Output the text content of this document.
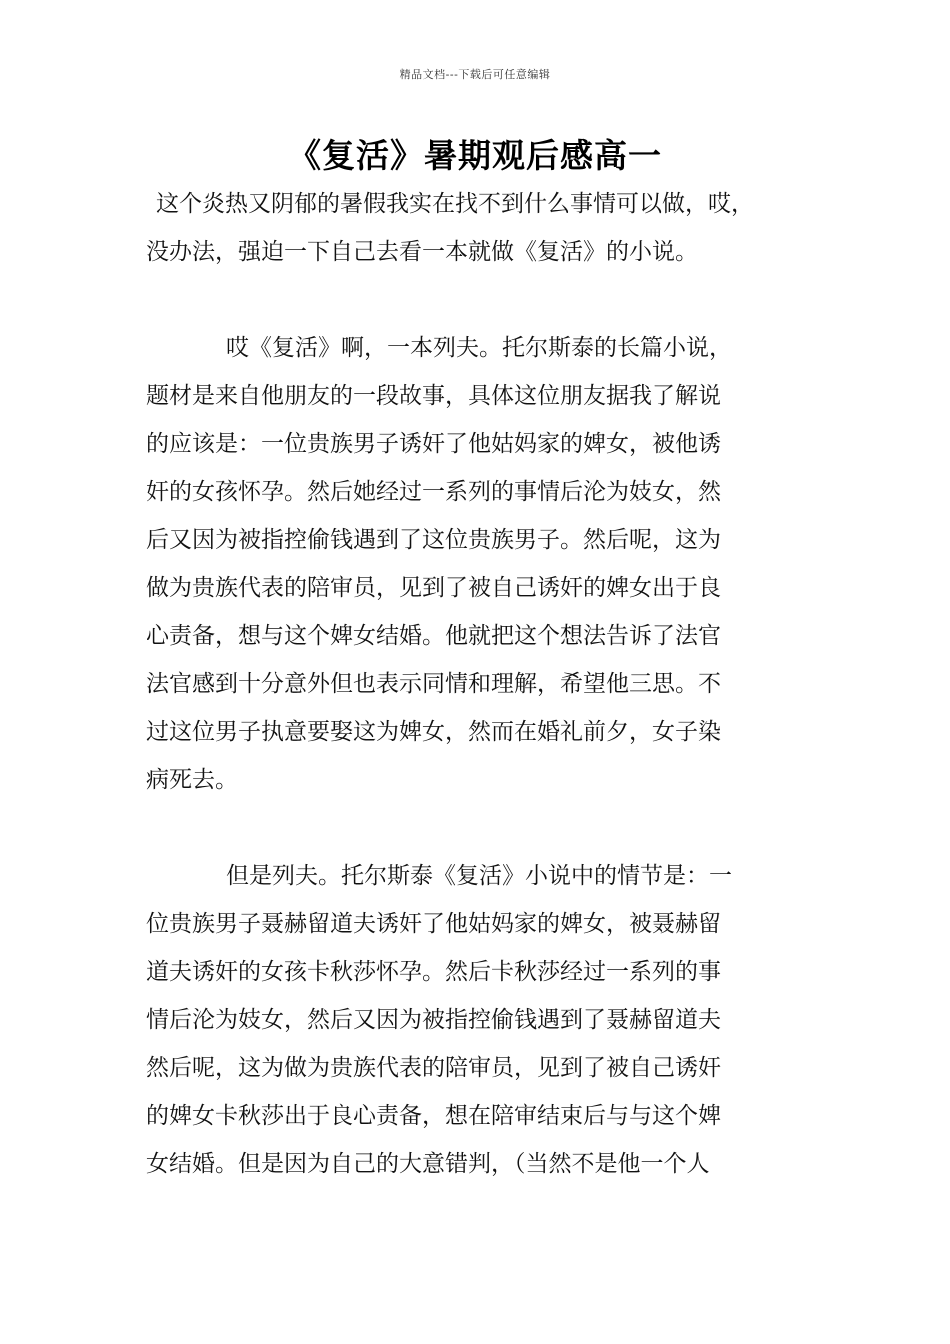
精品文档---下载后可任意编辑
《复活》暑期观后感高一
这个炎热又阴郁的暑假我实在找不到什么事情可以做，哎，
没办法，强迫一下自己去看一本就做《复活》的小说。
哎《复活》啊，一本列夫。托尔斯泰的长篇小说，
题材是来自他朋友的一段故事，具体这位朋友据我了解说
的应该是：一位贵族男子诱奸了他姑妈家的婢女，被他诱
奸的女孩怀孕。然后她经过一系列的事情后沦为妓女，然
后又因为被指控偷钱遇到了这位贵族男子。然后呢，这为
做为贵族代表的陪审员，见到了被自己诱奸的婢女出于良
心责备，想与这个婢女结婚。他就把这个想法告诉了法官
法官感到十分意外但也表示同情和理解，希望他三思。不
过这位男子执意要娶这为婢女，然而在婚礼前夕，女子染
病死去。
但是列夫。托尔斯泰《复活》小说中的情节是：一
位贵族男子聂赫留道夫诱奸了他姑妈家的婢女，被聂赫留
道夫诱奸的女孩卡秋莎怀孕。然后卡秋莎经过一系列的事
情后沦为妓女，然后又因为被指控偷钱遇到了聂赫留道夫
然后呢，这为做为贵族代表的陪审员，见到了被自己诱奸
的婢女卡秋莎出于良心责备，想在陪审结束后与与这个婢
女结婚。但是因为自己的大意错判，（当然不是他一个人
